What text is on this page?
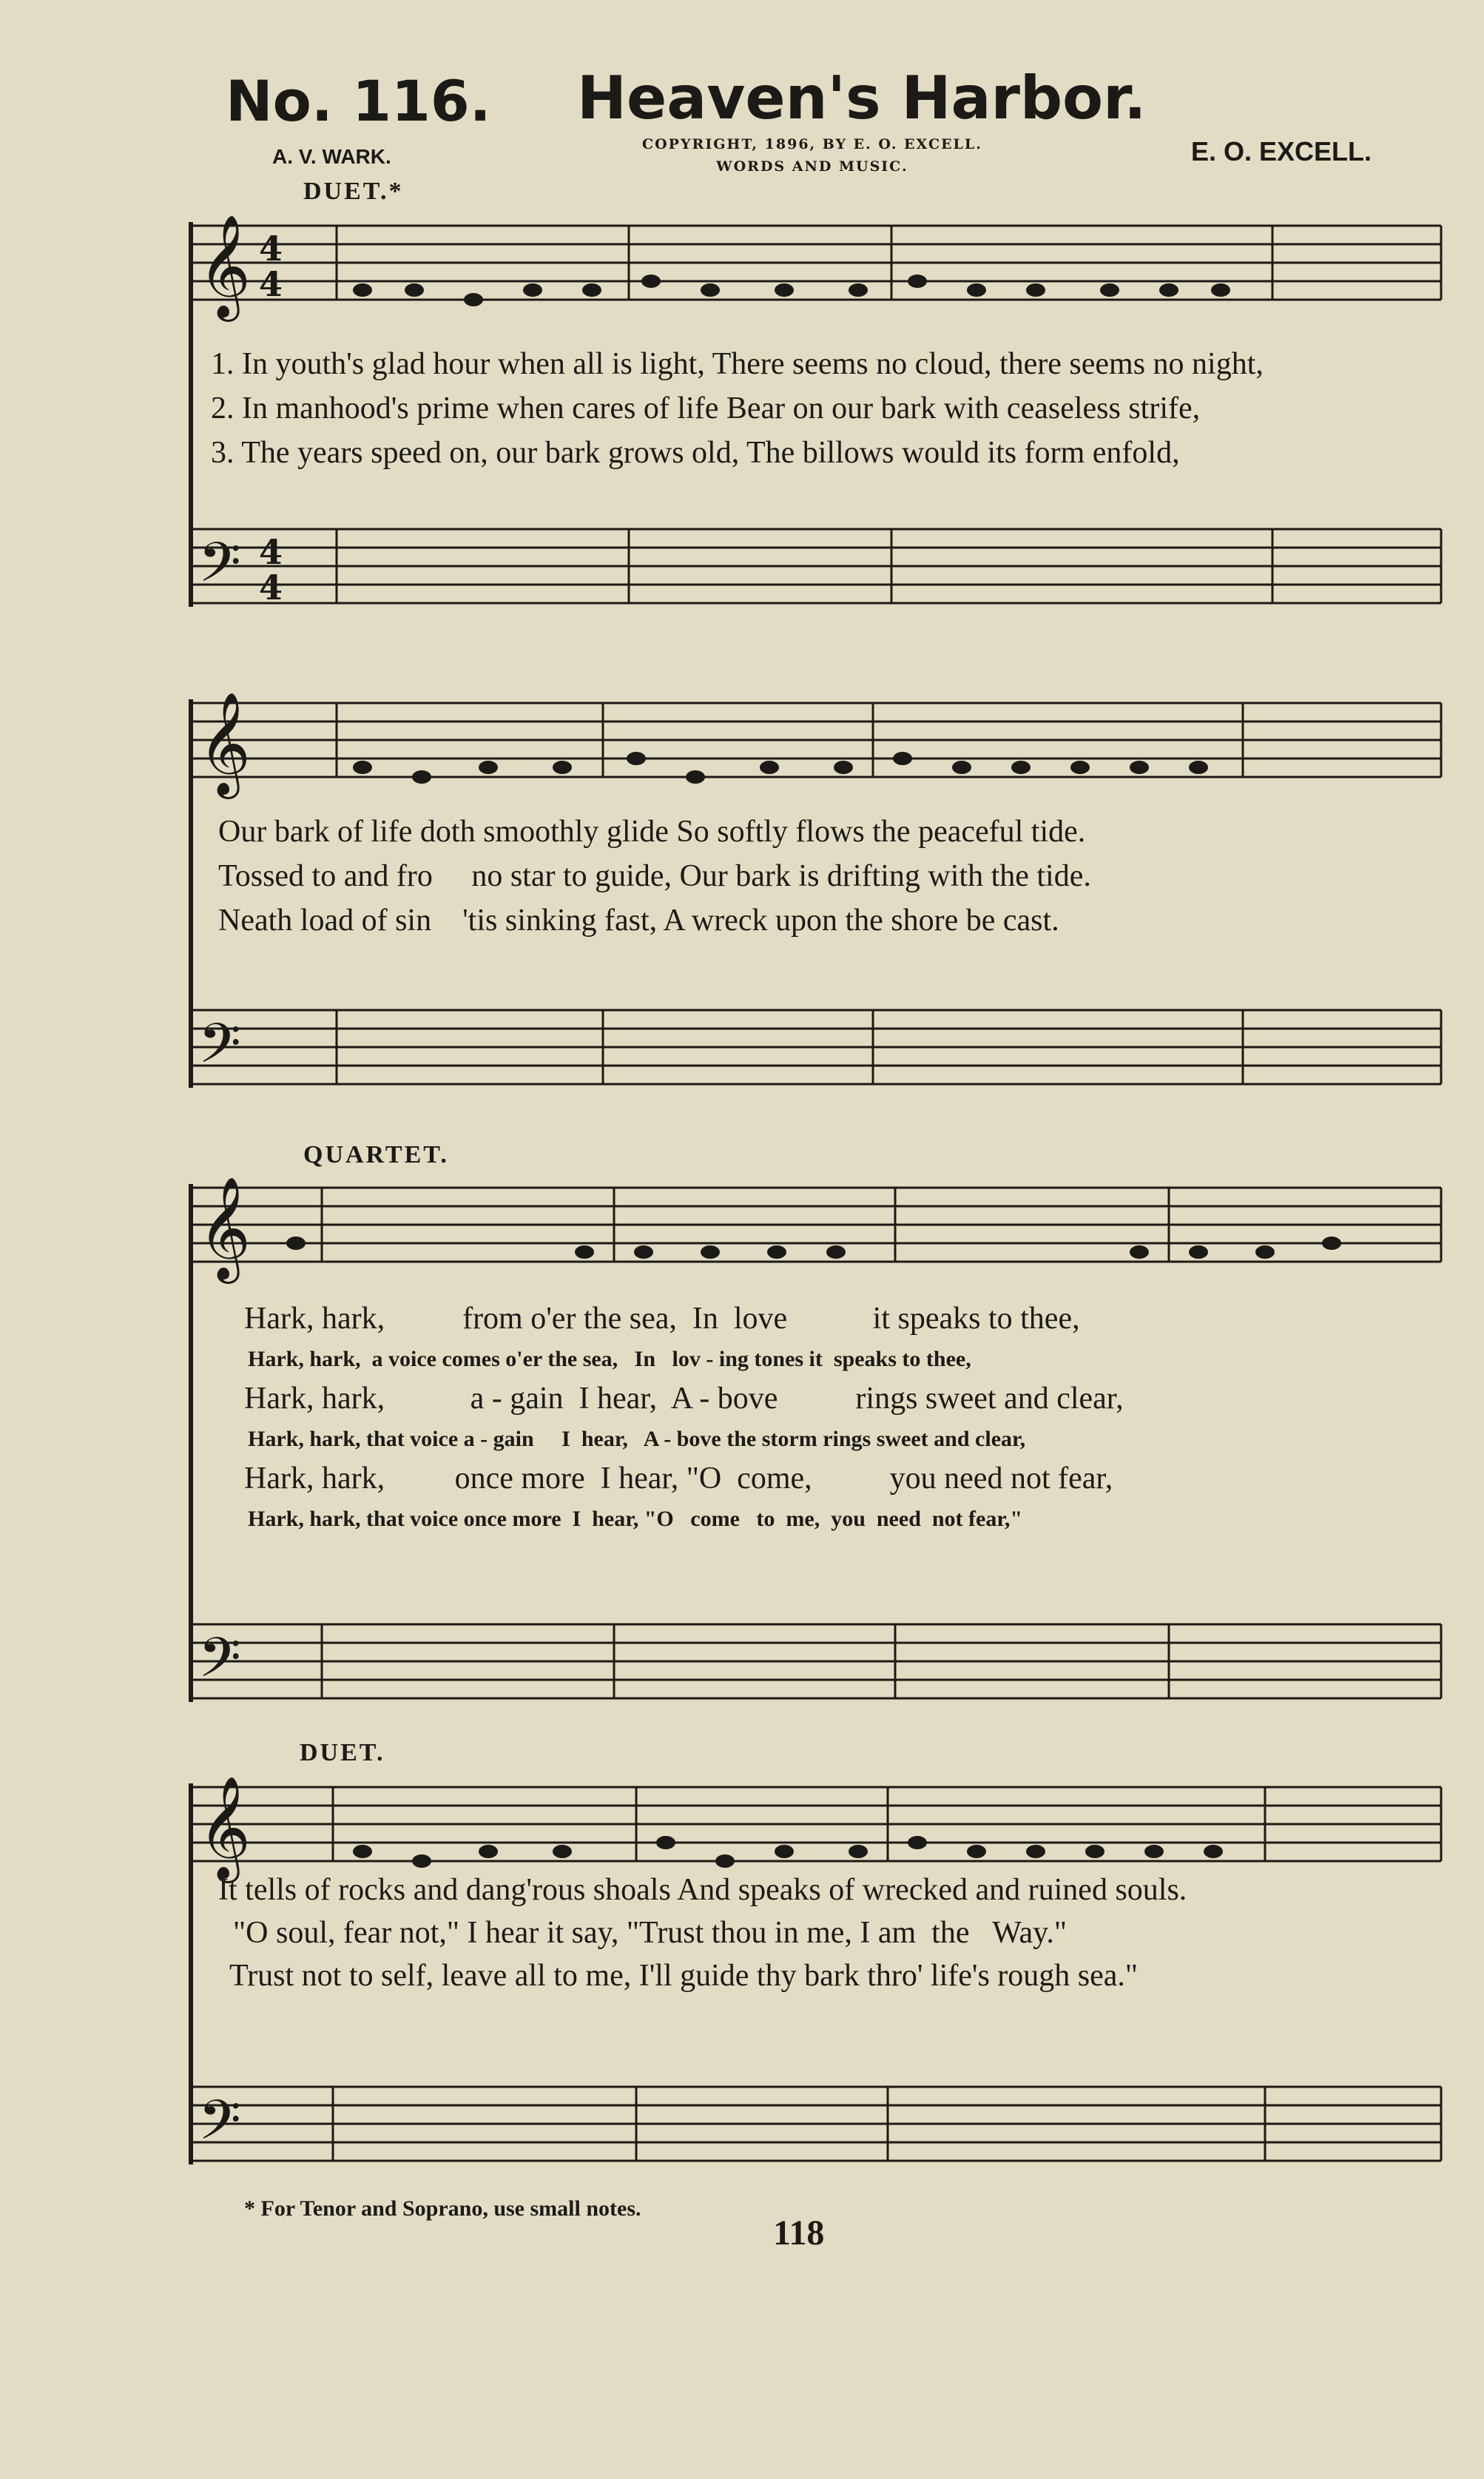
No. 116. Heaven's Harbor.
COPYRIGHT, 1896, BY E. O. EXCELL.
WORDS AND MUSIC.
A. V. WARK.	E. O. EXCELL.
𝄞 4
4
𝄢 4
4
𝄞
𝄢
𝄞
𝄢
𝄞
𝄢
DUET.*
QUARTET.
DUET.
1. In youth's glad hour when all is light, There seems no cloud, there seems no night,
2. In manhood's prime when cares of life Bear on our bark with ceaseless strife,
3. The years speed on, our bark grows old, The billows would its form enfold,
Our bark of life doth smoothly glide So softly flows the peaceful tide.
Tossed to and fro     no star to guide, Our bark is drifting with the tide.
Neath load of sin    'tis sinking fast, A wreck upon the shore be cast.
Hark, hark,          from o'er the sea,  In  love           it speaks to thee,
Hark, hark,  a voice comes o'er the sea,   In   lov - ing tones it  speaks to thee,
Hark, hark,           a - gain  I hear,  A - bove          rings sweet and clear,
Hark, hark, that voice a - gain     I  hear,   A - bove the storm rings sweet and clear,
Hark, hark,         once more  I hear, "O  come,          you need not fear,
Hark, hark, that voice once more  I  hear, "O   come   to  me,  you  need  not fear,"
It tells of rocks and dang'rous shoals And speaks of wrecked and ruined souls.
"O soul, fear not," I hear it say, "Trust thou in me, I am  the   Way."
Trust not to self, leave all to me, I'll guide thy bark thro' life's rough sea."
* For Tenor and Soprano, use small notes.
118
